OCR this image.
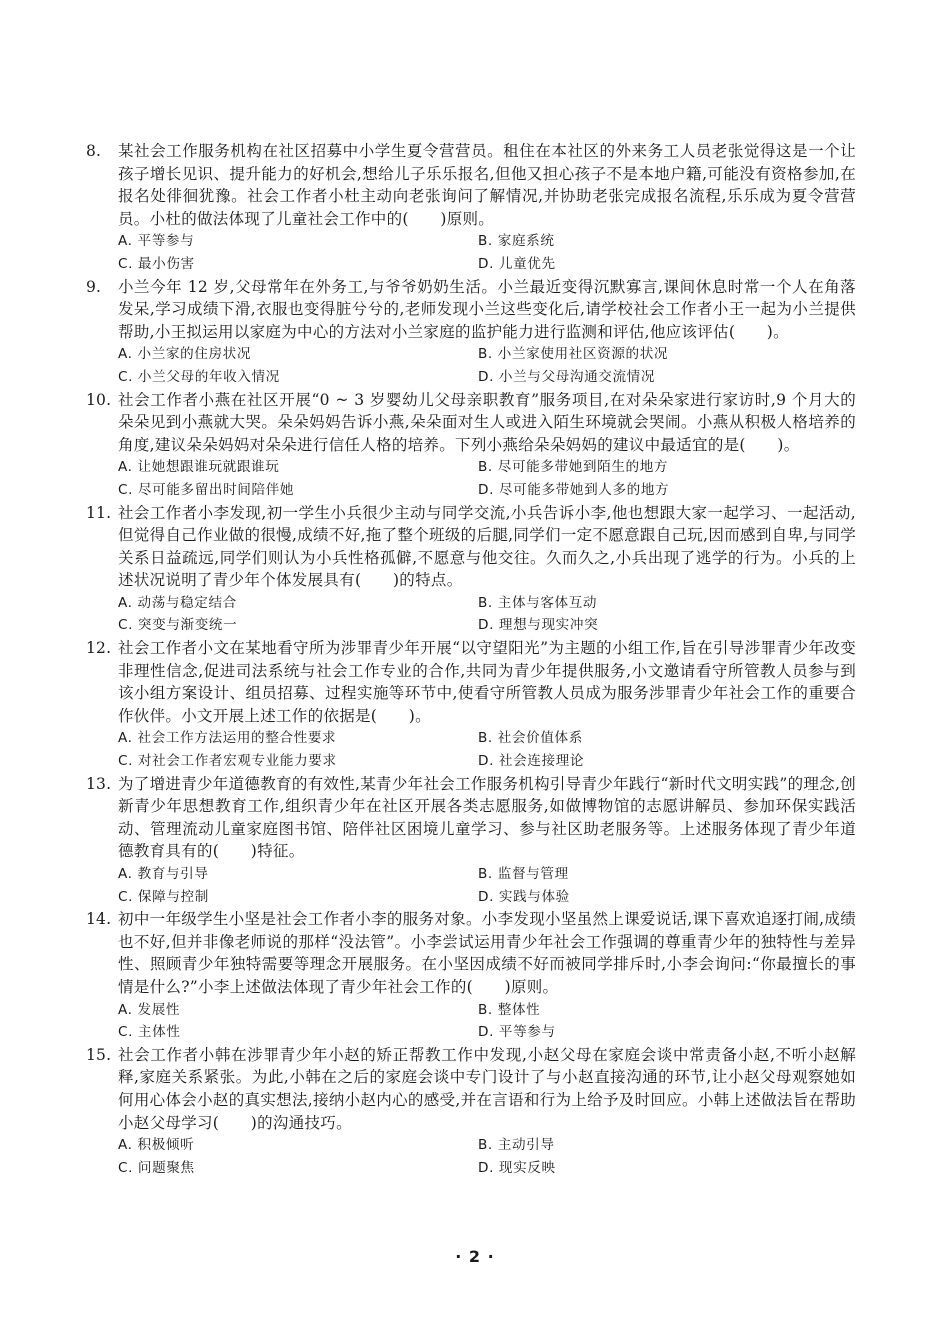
8.	某社会工作服务机构在社区招募中小学生夏令营营员。租住在本社区的外来务工人员老张觉得这是一个让孩子增长见识、提升能力的好机会,想给儿子乐乐报名,但他又担心孩子不是本地户籍,可能没有资格参加,在报名处徘徊犹豫。社会工作者小杜主动向老张询问了解情况,并协助老张完成报名流程,乐乐成为夏令营营员。小杜的做法体现了儿童社会工作中的(　　)原则。

A. 平等参与	B. 家庭系统
C. 最小伤害	D. 儿童优先
9.	小兰今年 12 岁,父母常年在外务工,与爷爷奶奶生活。小兰最近变得沉默寡言,课间休息时常一个人在角落发呆,学习成绩下滑,衣服也变得脏兮兮的,老师发现小兰这些变化后,请学校社会工作者小王一起为小兰提供帮助,小王拟运用以家庭为中心的方法对小兰家庭的监护能力进行监测和评估,他应该评估(　　)。

A. 小兰家的住房状况	B. 小兰家使用社区资源的状况
C. 小兰父母的年收入情况	D. 小兰与父母沟通交流情况
10. 社会工作者小燕在社区开展“0 ~ 3 岁婴幼儿父母亲职教育”服务项目,在对朵朵家进行家访时,9 个月大的朵朵见到小燕就大哭。朵朵妈妈告诉小燕,朵朵面对生人或进入陌生环境就会哭闹。小燕从积极人格培养的角度,建议朵朵妈妈对朵朵进行信任人格的培养。下列小燕给朵朵妈妈的建议中最适宜的是(　　)。

A. 让她想跟谁玩就跟谁玩	B. 尽可能多带她到陌生的地方
C. 尽可能多留出时间陪伴她	D. 尽可能多带她到人多的地方
11. 社会工作者小李发现,初一学生小兵很少主动与同学交流,小兵告诉小李,他也想跟大家一起学习、一起活动,但觉得自己作业做的很慢,成绩不好,拖了整个班级的后腿,同学们一定不愿意跟自己玩,因而感到自卑,与同学关系日益疏远,同学们则认为小兵性格孤僻,不愿意与他交往。久而久之,小兵出现了逃学的行为。小兵的上述状况说明了青少年个体发展具有(　　)的特点。

A. 动荡与稳定结合	B. 主体与客体互动
C. 突变与渐变统一	D. 理想与现实冲突
12. 社会工作者小文在某地看守所为涉罪青少年开展“以守望阳光”为主题的小组工作,旨在引导涉罪青少年改变非理性信念,促进司法系统与社会工作专业的合作,共同为青少年提供服务,小文邀请看守所管教人员参与到该小组方案设计、组员招募、过程实施等环节中,使看守所管教人员成为服务涉罪青少年社会工作的重要合作伙伴。小文开展上述工作的依据是(　　)。

A. 社会工作方法运用的整合性要求	B. 社会价值体系
C. 对社会工作者宏观专业能力要求	D. 社会连接理论
13. 为了增进青少年道德教育的有效性,某青少年社会工作服务机构引导青少年践行“新时代文明实践”的理念,创新青少年思想教育工作,组织青少年在社区开展各类志愿服务,如做博物馆的志愿讲解员、参加环保实践活动、管理流动儿童家庭图书馆、陪伴社区困境儿童学习、参与社区助老服务等。上述服务体现了青少年道德教育具有的(　　)特征。

A. 教育与引导	B. 监督与管理
C. 保障与控制	D. 实践与体验
14. 初中一年级学生小坚是社会工作者小李的服务对象。小李发现小坚虽然上课爱说话,课下喜欢追逐打闹,成绩也不好,但并非像老师说的那样“没法管”。小李尝试运用青少年社会工作强调的尊重青少年的独特性与差异性、照顾青少年独特需要等理念开展服务。在小坚因成绩不好而被同学排斥时,小李会询问:“你最擅长的事情是什么?”小李上述做法体现了青少年社会工作的(　　)原则。

A. 发展性	B. 整体性
C. 主体性	D. 平等参与
15. 社会工作者小韩在涉罪青少年小赵的矫正帮教工作中发现,小赵父母在家庭会谈中常责备小赵,不听小赵解释,家庭关系紧张。为此,小韩在之后的家庭会谈中专门设计了与小赵直接沟通的环节,让小赵父母观察她如何用心体会小赵的真实想法,接纳小赵内心的感受,并在言语和行为上给予及时回应。小韩上述做法旨在帮助小赵父母学习(　　)的沟通技巧。

A. 积极倾听	B. 主动引导
C. 问题聚焦	D. 现实反映
· 2 ·
